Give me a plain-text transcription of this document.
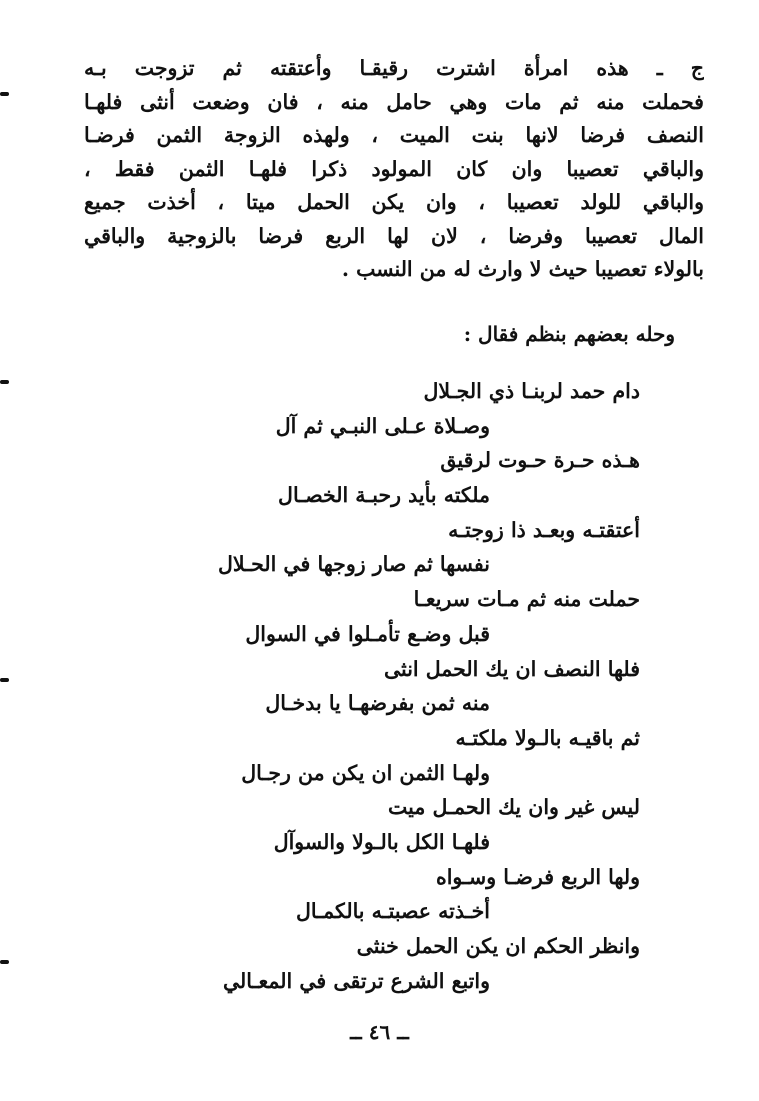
ج ـ هذه امرأة اشترت رقيقـا وأعتقته ثم تزوجت بـه
فحملت منه ثم مات وهي حامل منه ، فان وضعت أنثى فلهـا
النصف فرضا لانها بنت الميت ، ولهذه الزوجة الثمن فرضـا
والباقي تعصيبا وان كان المولود ذكرا فلهـا الثمن فقط ،
والباقي للولد تعصيبا ، وان يكن الحمل ميتا ، أخذت جميع
المال تعصيبا وفرضا ، لان لها الربع فرضا بالزوجية والباقي
بالولاء تعصيبا حيث لا وارث له من النسب .
وحله بعضهم بنظم فقال :
دام حمد لربنـا ذي الجـلال
وصـلاة عـلى النبـي ثم آل
هـذه حـرة حـوت لرقيق
ملكته بأيد رحبـة الخصـال
أعتقتـه وبعـد ذا زوجتـه
نفسها ثم صار زوجها في الحـلال
حملت منه ثم مـات سريعـا
قبل وضـع تأمـلوا في السوال
فلها النصف ان يك الحمل انثى
منه ثمن بفرضهـا يا بدخـال
ثم باقيـه بالـولا ملكتـه
ولهـا الثمن ان يكن من رجـال
ليس غير وان يك الحمـل ميت
فلهـا الكل بالـولا والسوآل
ولها الربع فرضـا وسـواه
أخـذته عصبتـه بالكمـال
وانظر الحكم ان يكن الحمل خنثى
واتبع الشرع ترتقى في المعـالي
ــ ٤٦ ــ
